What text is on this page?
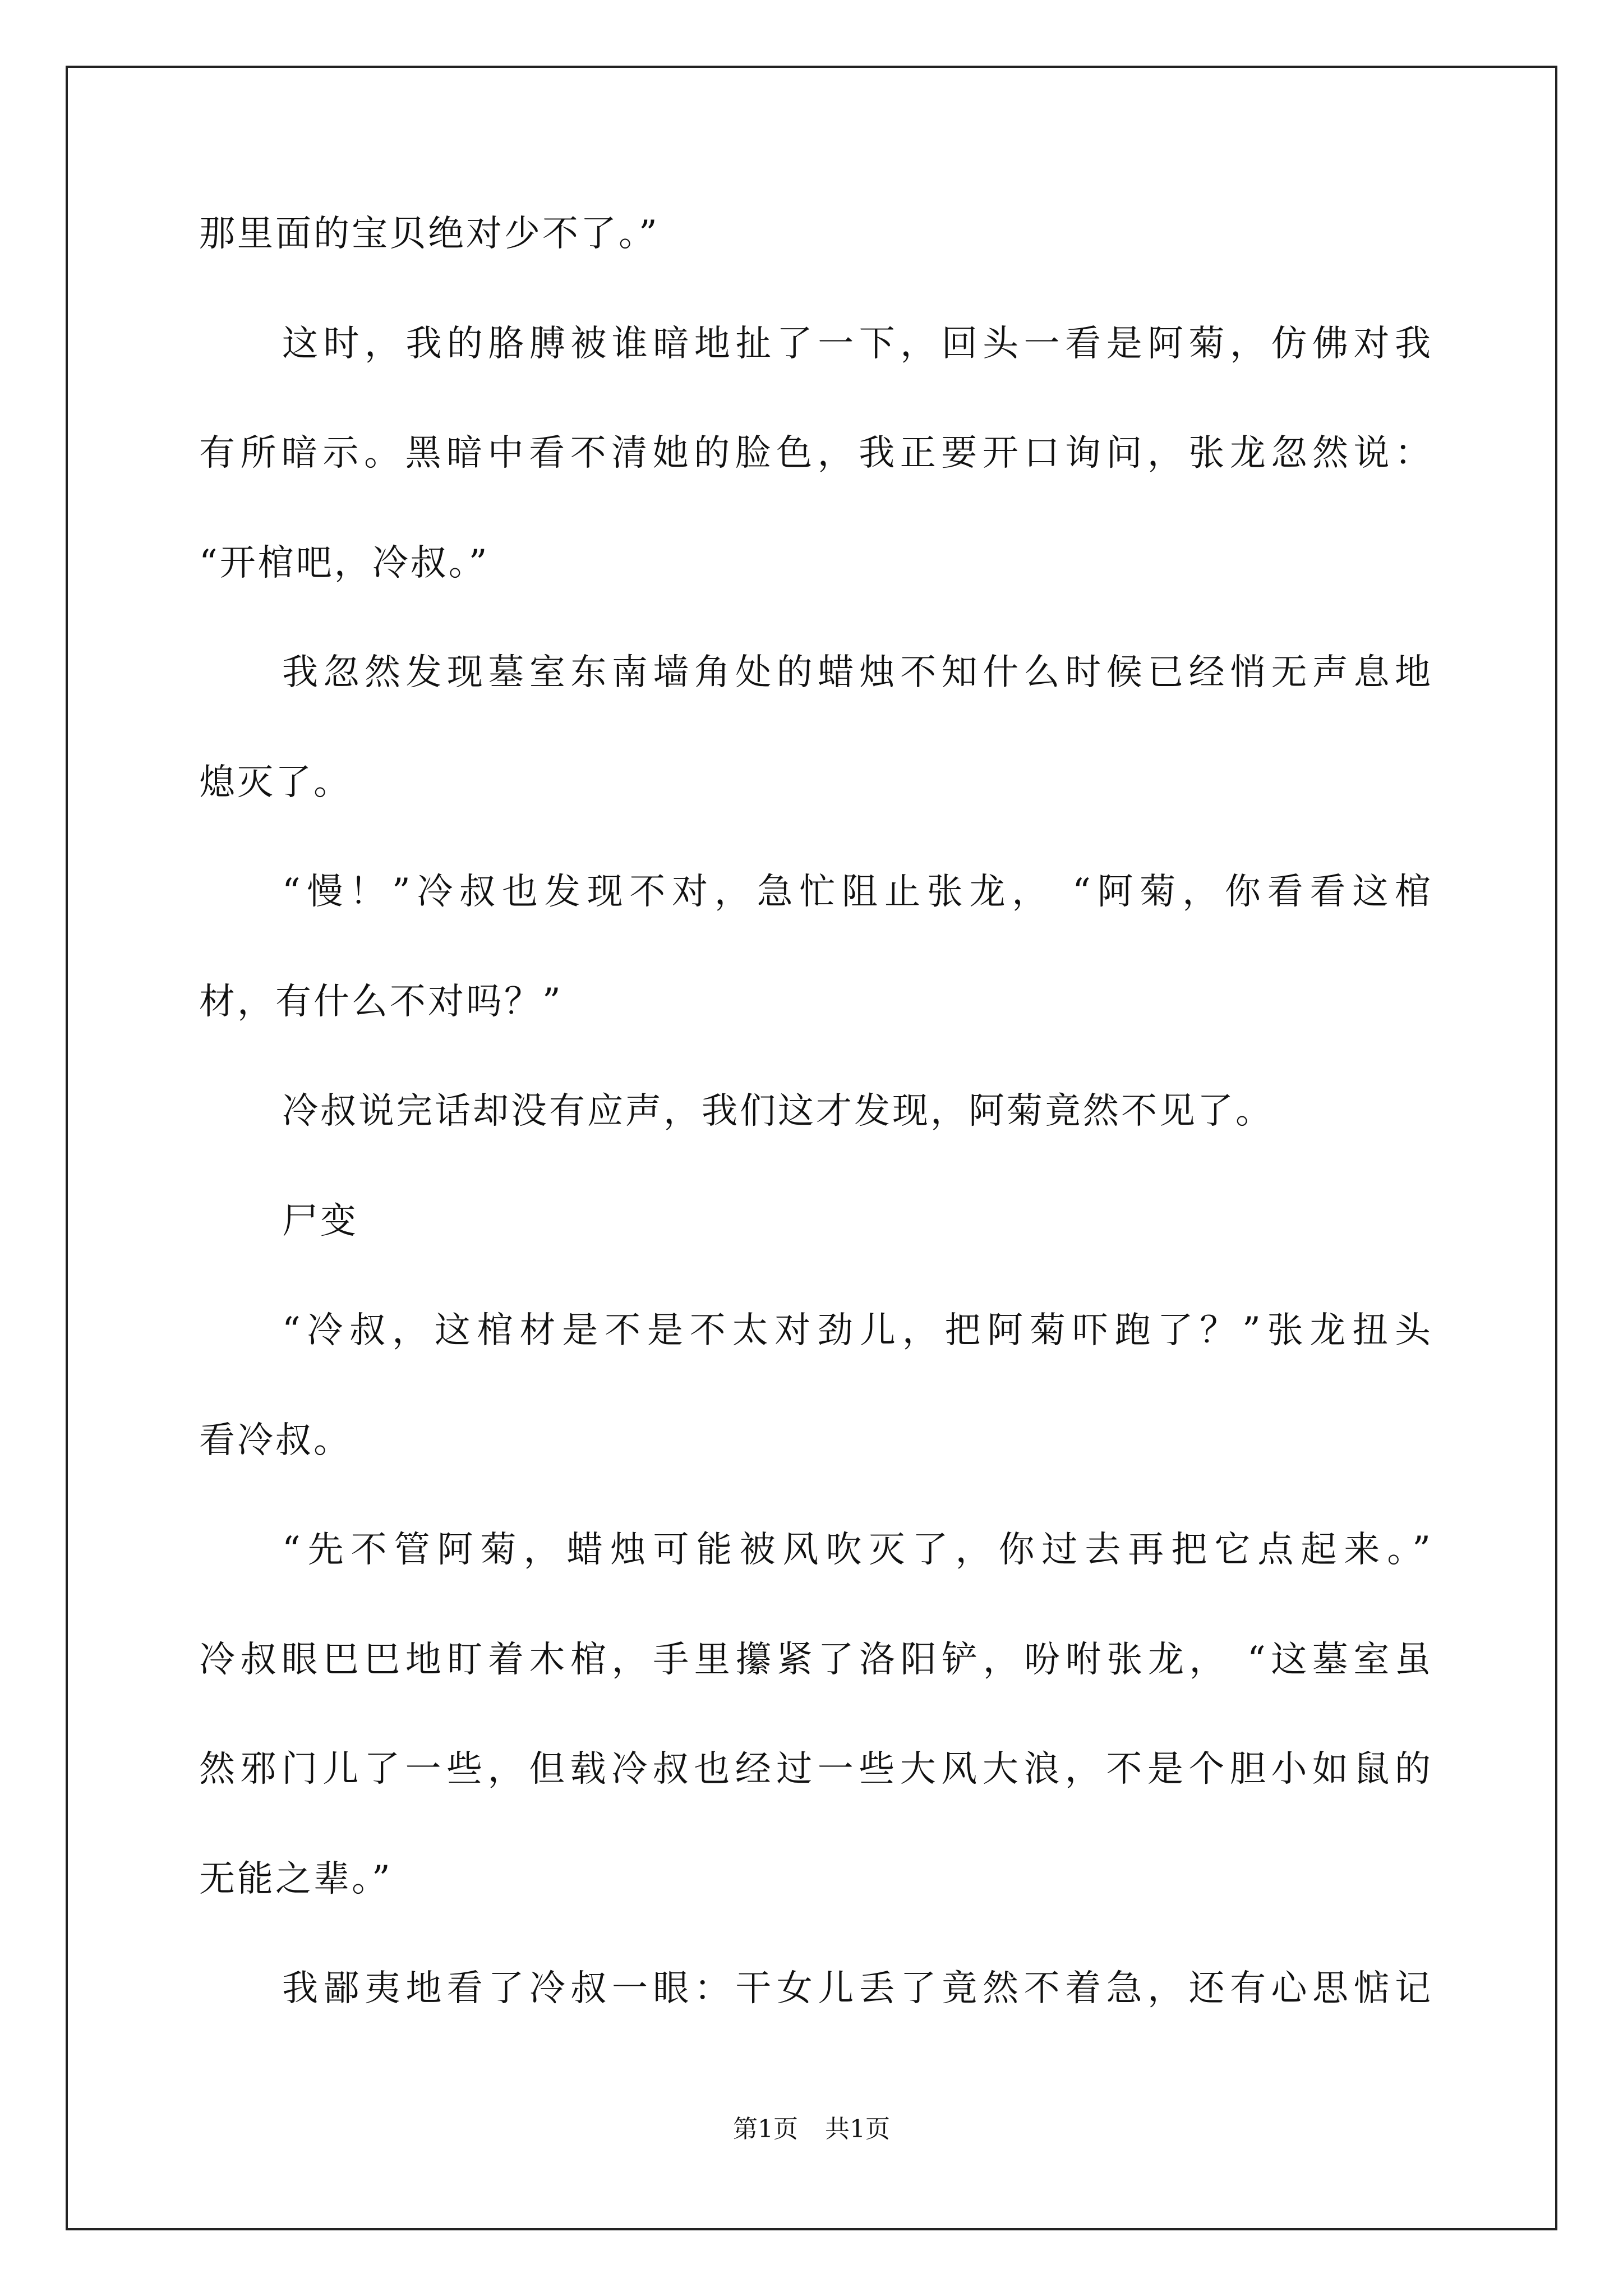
那里面的宝贝绝对少不了。”
这时，我的胳膊被谁暗地扯了一下，回头一看是阿菊，仿佛对我
有所暗示。黑暗中看不清她的脸色，我正要开口询问，张龙忽然说：
“开棺吧，冷叔。”
我忽然发现墓室东南墙角处的蜡烛不知什么时候已经悄无声息地
熄灭了。
“慢！”冷叔也发现不对，急忙阻止张龙， “阿菊，你看看这棺
材，有什么不对吗？”
冷叔说完话却没有应声，我们这才发现，阿菊竟然不见了。
尸变
“冷叔，这棺材是不是不太对劲儿，把阿菊吓跑了？”张龙扭头
看冷叔。
“先不管阿菊，蜡烛可能被风吹灭了，你过去再把它点起来。”
冷叔眼巴巴地盯着木棺，手里攥紧了洛阳铲，吩咐张龙， “这墓室虽
然邪门儿了一些，但载冷叔也经过一些大风大浪，不是个胆小如鼠的
无能之辈。”
我鄙夷地看了冷叔一眼：干女儿丢了竟然不着急，还有心思惦记
第1页 共1页
